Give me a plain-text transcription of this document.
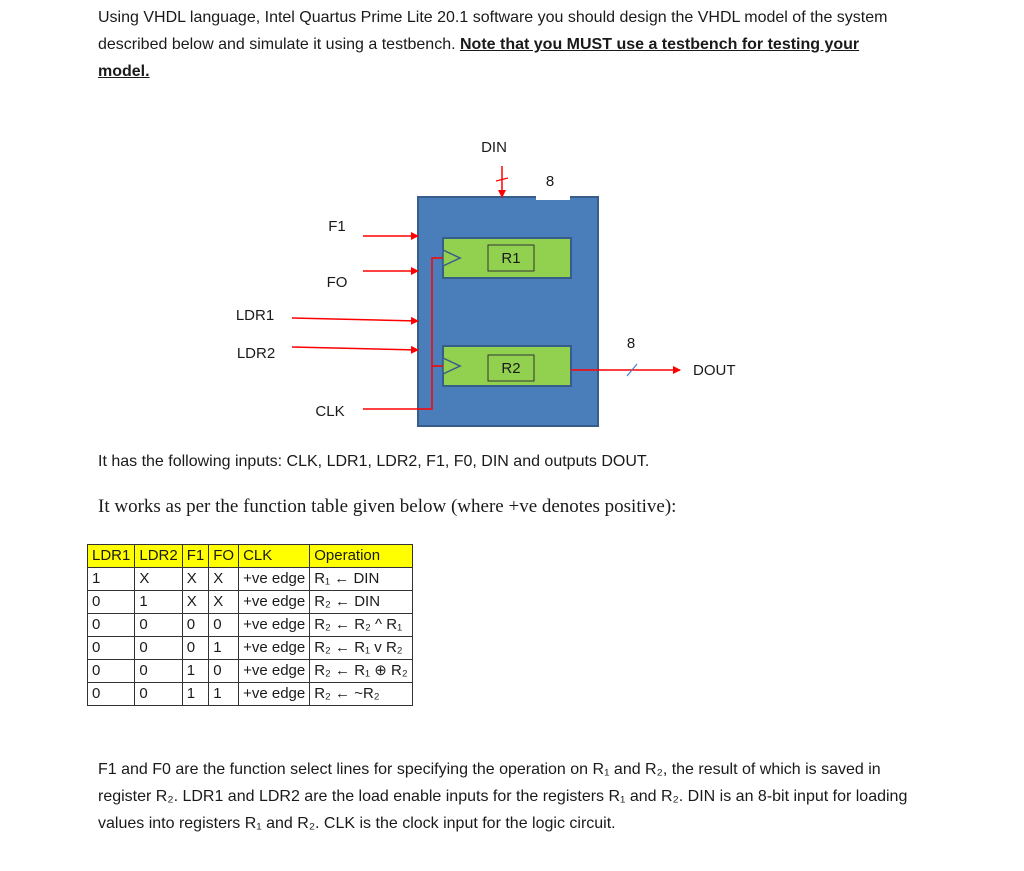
Using VHDL language, Intel Quartus Prime Lite 20.1 software you should design the VHDL model of the system described below and simulate it using a testbench. Note that you MUST use a testbench for testing your model.
R1
R2
DIN
8
F1
FO
LDR1
LDR2
CLK
8
DOUT
It has the following inputs: CLK, LDR1, LDR2, F1, F0, DIN and outputs DOUT.
It works as per the function table given below (where +ve denotes positive):
LDR1	LDR2	F1	FO	CLK	Operation
1	X	X	X	+ve edge	R₁ ← DIN
0	1	X	X	+ve edge	R₂ ← DIN
0	0	0	0	+ve edge	R₂ ← R₂ ^ R₁
0	0	0	1	+ve edge	R₂ ← R₁ v R₂
0	0	1	0	+ve edge	R₂ ← R₁ ⊕ R₂
0	0	1	1	+ve edge	R₂ ← ~R₂
F1 and F0 are the function select lines for specifying the operation on R₁ and R₂, the result of which is saved in register R₂. LDR1 and LDR2 are the load enable inputs for the registers R₁ and R₂. DIN is an 8-bit input for loading values into registers R₁ and R₂. CLK is the clock input for the logic circuit.
